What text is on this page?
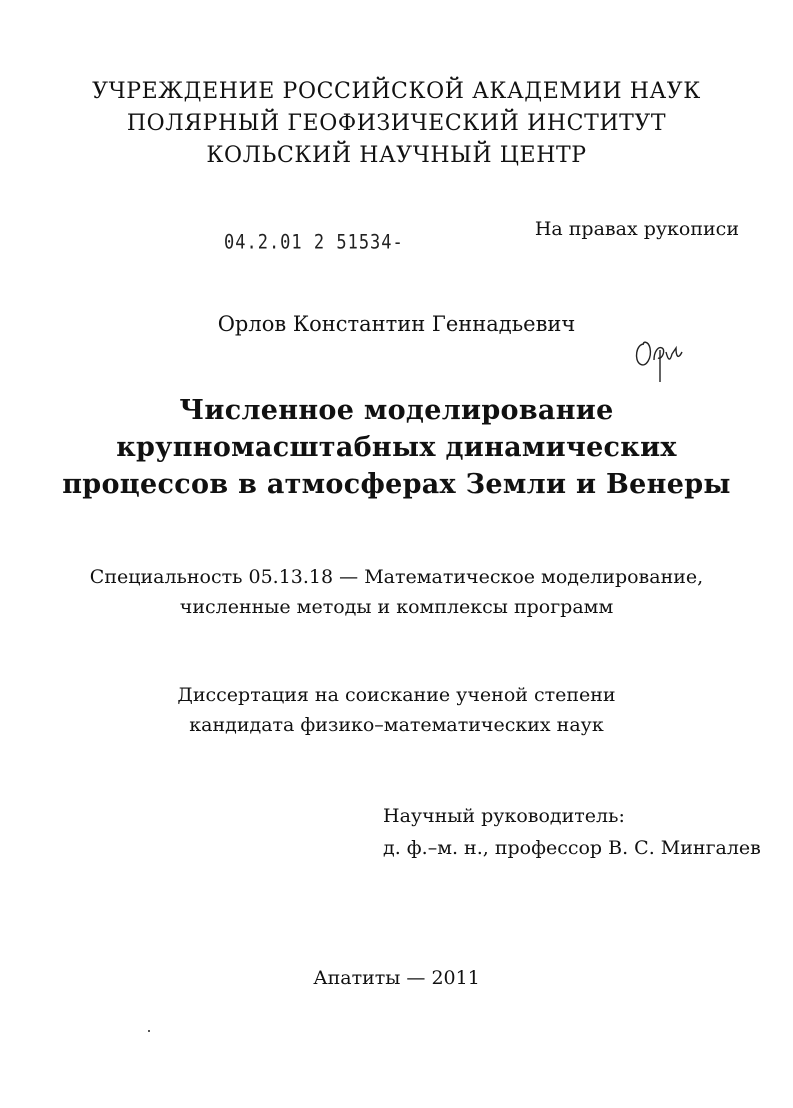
УЧРЕЖДЕНИЕ РОССИЙСКОЙ АКАДЕМИИ НАУК
ПОЛЯРНЫЙ ГЕОФИЗИЧЕСКИЙ ИНСТИТУТ
КОЛЬСКИЙ НАУЧНЫЙ ЦЕНТР
04.2.01 2 51534-
На правах рукописи
Орлов Константин Геннадьевич
Численное моделирование
крупномасштабных динамических
процессов в атмосферах Земли и Венеры
Специальность 05.13.18 — Математическое моделирование,
численные методы и комплексы программ
Диссертация на соискание ученой степени
кандидата физико–математических наук
Научный руководитель:
д. ф.–м. н., профессор В. С. Мингалев
Апатиты — 2011
